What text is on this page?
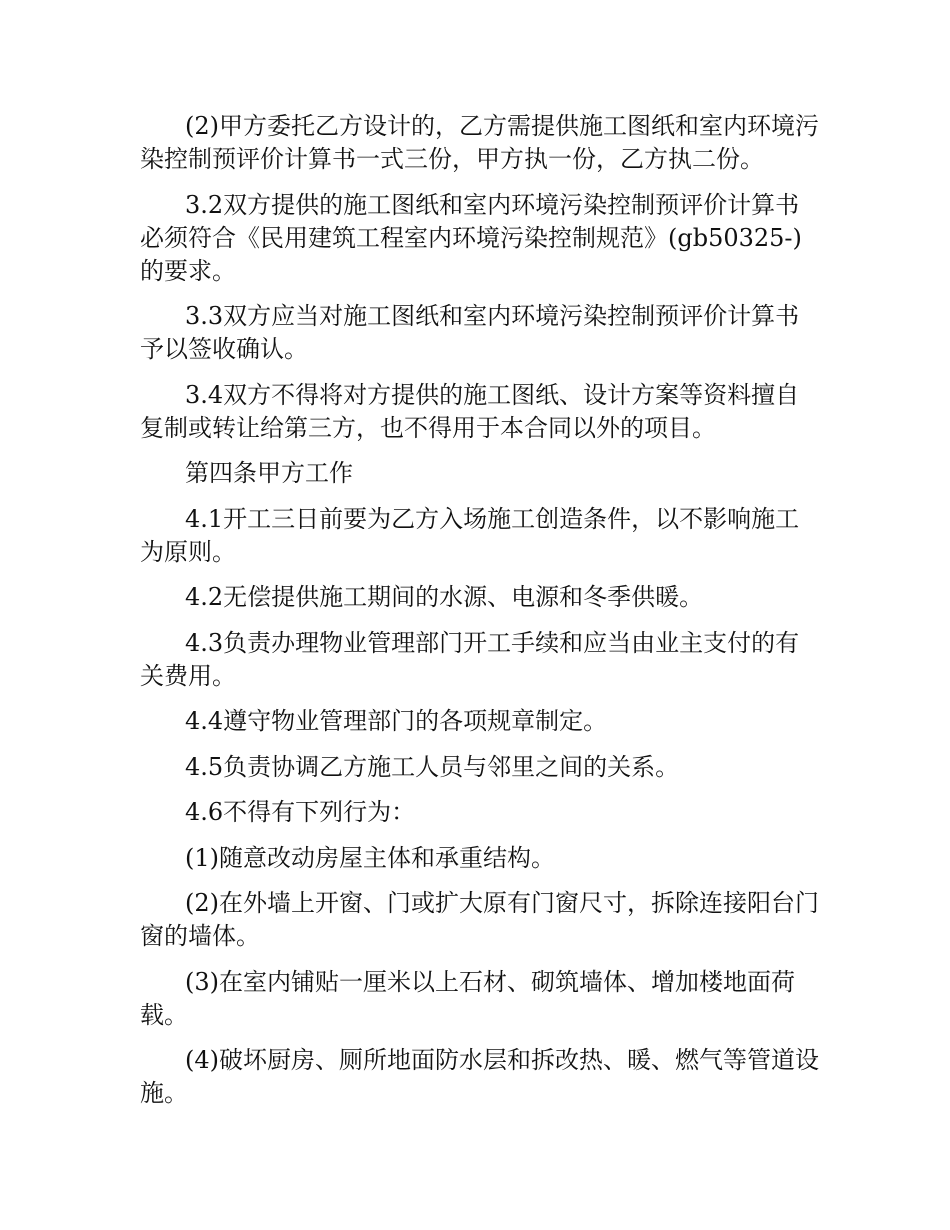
(2)甲方委托乙方设计的，乙方需提供施工图纸和室内环境污染控制预评价计算书一式三份，甲方执一份，乙方执二份。

3.2双方提供的施工图纸和室内环境污染控制预评价计算书必须符合《民用建筑工程室内环境污染控制规范》(gb50325-)的要求。

3.3双方应当对施工图纸和室内环境污染控制预评价计算书予以签收确认。

3.4双方不得将对方提供的施工图纸、设计方案等资料擅自复制或转让给第三方，也不得用于本合同以外的项目。

第四条甲方工作

4.1开工三日前要为乙方入场施工创造条件，以不影响施工为原则。

4.2无偿提供施工期间的水源、电源和冬季供暖。

4.3负责办理物业管理部门开工手续和应当由业主支付的有关费用。

4.4遵守物业管理部门的各项规章制定。

4.5负责协调乙方施工人员与邻里之间的关系。

4.6不得有下列行为：

(1)随意改动房屋主体和承重结构。

(2)在外墙上开窗、门或扩大原有门窗尺寸，拆除连接阳台门窗的墙体。

(3)在室内铺贴一厘米以上石材、砌筑墙体、增加楼地面荷载。

(4)破坏厨房、厕所地面防水层和拆改热、暖、燃气等管道设施。
